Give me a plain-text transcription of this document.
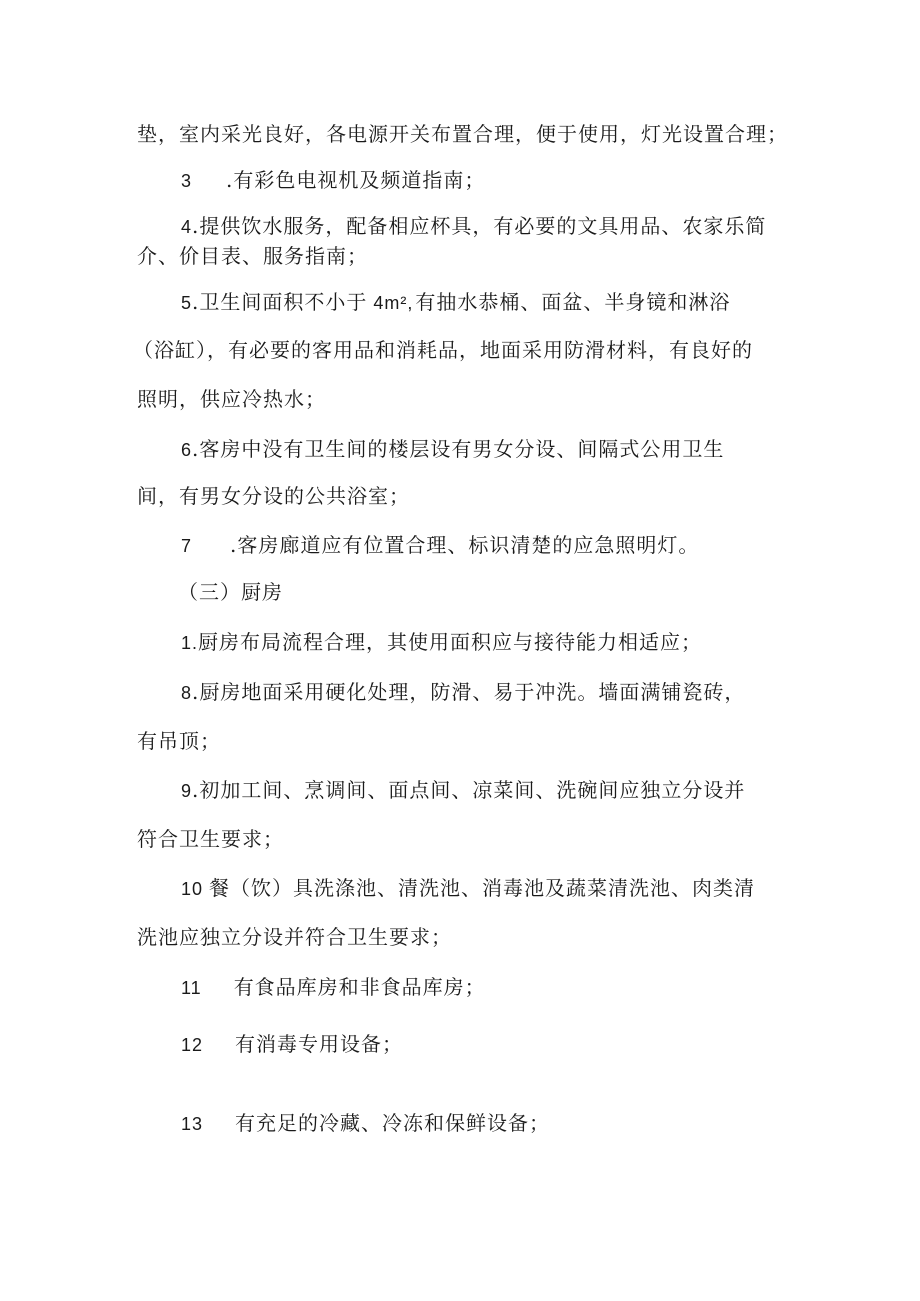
垫，室内采光良好，各电源开关布置合理，便于使用，灯光设置合理；
3 .有彩色电视机及频道指南；
4.提供饮水服务，配备相应杯具，有必要的文具用品、农家乐简
介、价目表、服务指南；
5.卫生间面积不小于 4m², 有抽水恭桶、面盆、半身镜和淋浴
（浴缸），有必要的客用品和消耗品，地面采用防滑材料，有良好的
照明，供应冷热水；
6.客房中没有卫生间的楼层设有男女分设、间隔式公用卫生
间，有男女分设的公共浴室；
7 .客房廊道应有位置合理、标识清楚的应急照明灯。
（三）厨房
1.厨房布局流程合理，其使用面积应与接待能力相适应；
8.厨房地面采用硬化处理，防滑、易于冲洗。墙面满铺瓷砖，
有吊顶；
9.初加工间、烹调间、面点间、凉菜间、洗碗间应独立分设并
符合卫生要求；
10 餐（饮）具洗涤池、清洗池、消毒池及蔬菜清洗池、肉类清
洗池应独立分设并符合卫生要求；
11 有食品库房和非食品库房；
12 有消毒专用设备；
13 有充足的冷藏、冷冻和保鲜设备；
